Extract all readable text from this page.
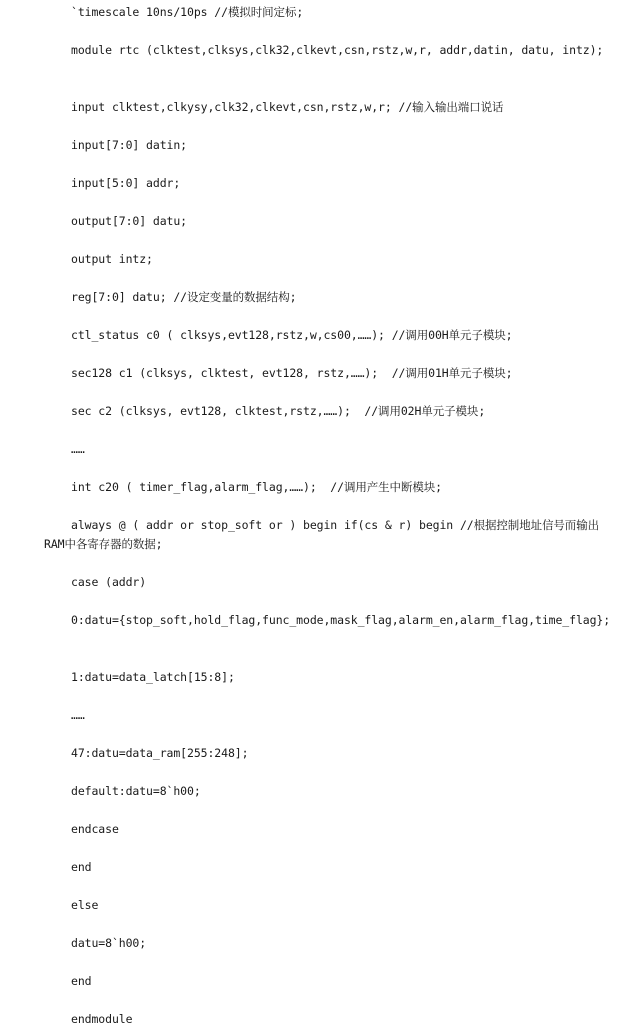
`timescale 10ns/10ps //模拟时间定标;
module rtc (clktest,clksys,clk32,clkevt,csn,rstz,w,r, addr,datin, datu, intz);
input clktest,clkysy,clk32,clkevt,csn,rstz,w,r; //输入输出端口说话
input[7:0] datin;
input[5:0] addr;
output[7:0] datu;
output intz;
reg[7:0] datu; //设定变量的数据结构;
ctl_status c0 ( clksys,evt128,rstz,w,cs00,……); //调用00H单元子模块;
sec128 c1 (clksys, clktest, evt128, rstz,……);  //调用01H单元子模块;
sec c2 (clksys, evt128, clktest,rstz,……);  //调用02H单元子模块;
……
int c20 ( timer_flag,alarm_flag,……);  //调用产生中断模块;
always @ ( addr or stop_soft or ) begin if(cs & r) begin //根据控制地址信号而输出RAM中各寄存器的数据;
case (addr)
0:datu={stop_soft,hold_flag,func_mode,mask_flag,alarm_en,alarm_flag,time_flag};
1:datu=data_latch[15:8];
……
47:datu=data_ram[255:248];
default:datu=8`h00;
endcase
end
else
datu=8`h00;
end
endmodule
